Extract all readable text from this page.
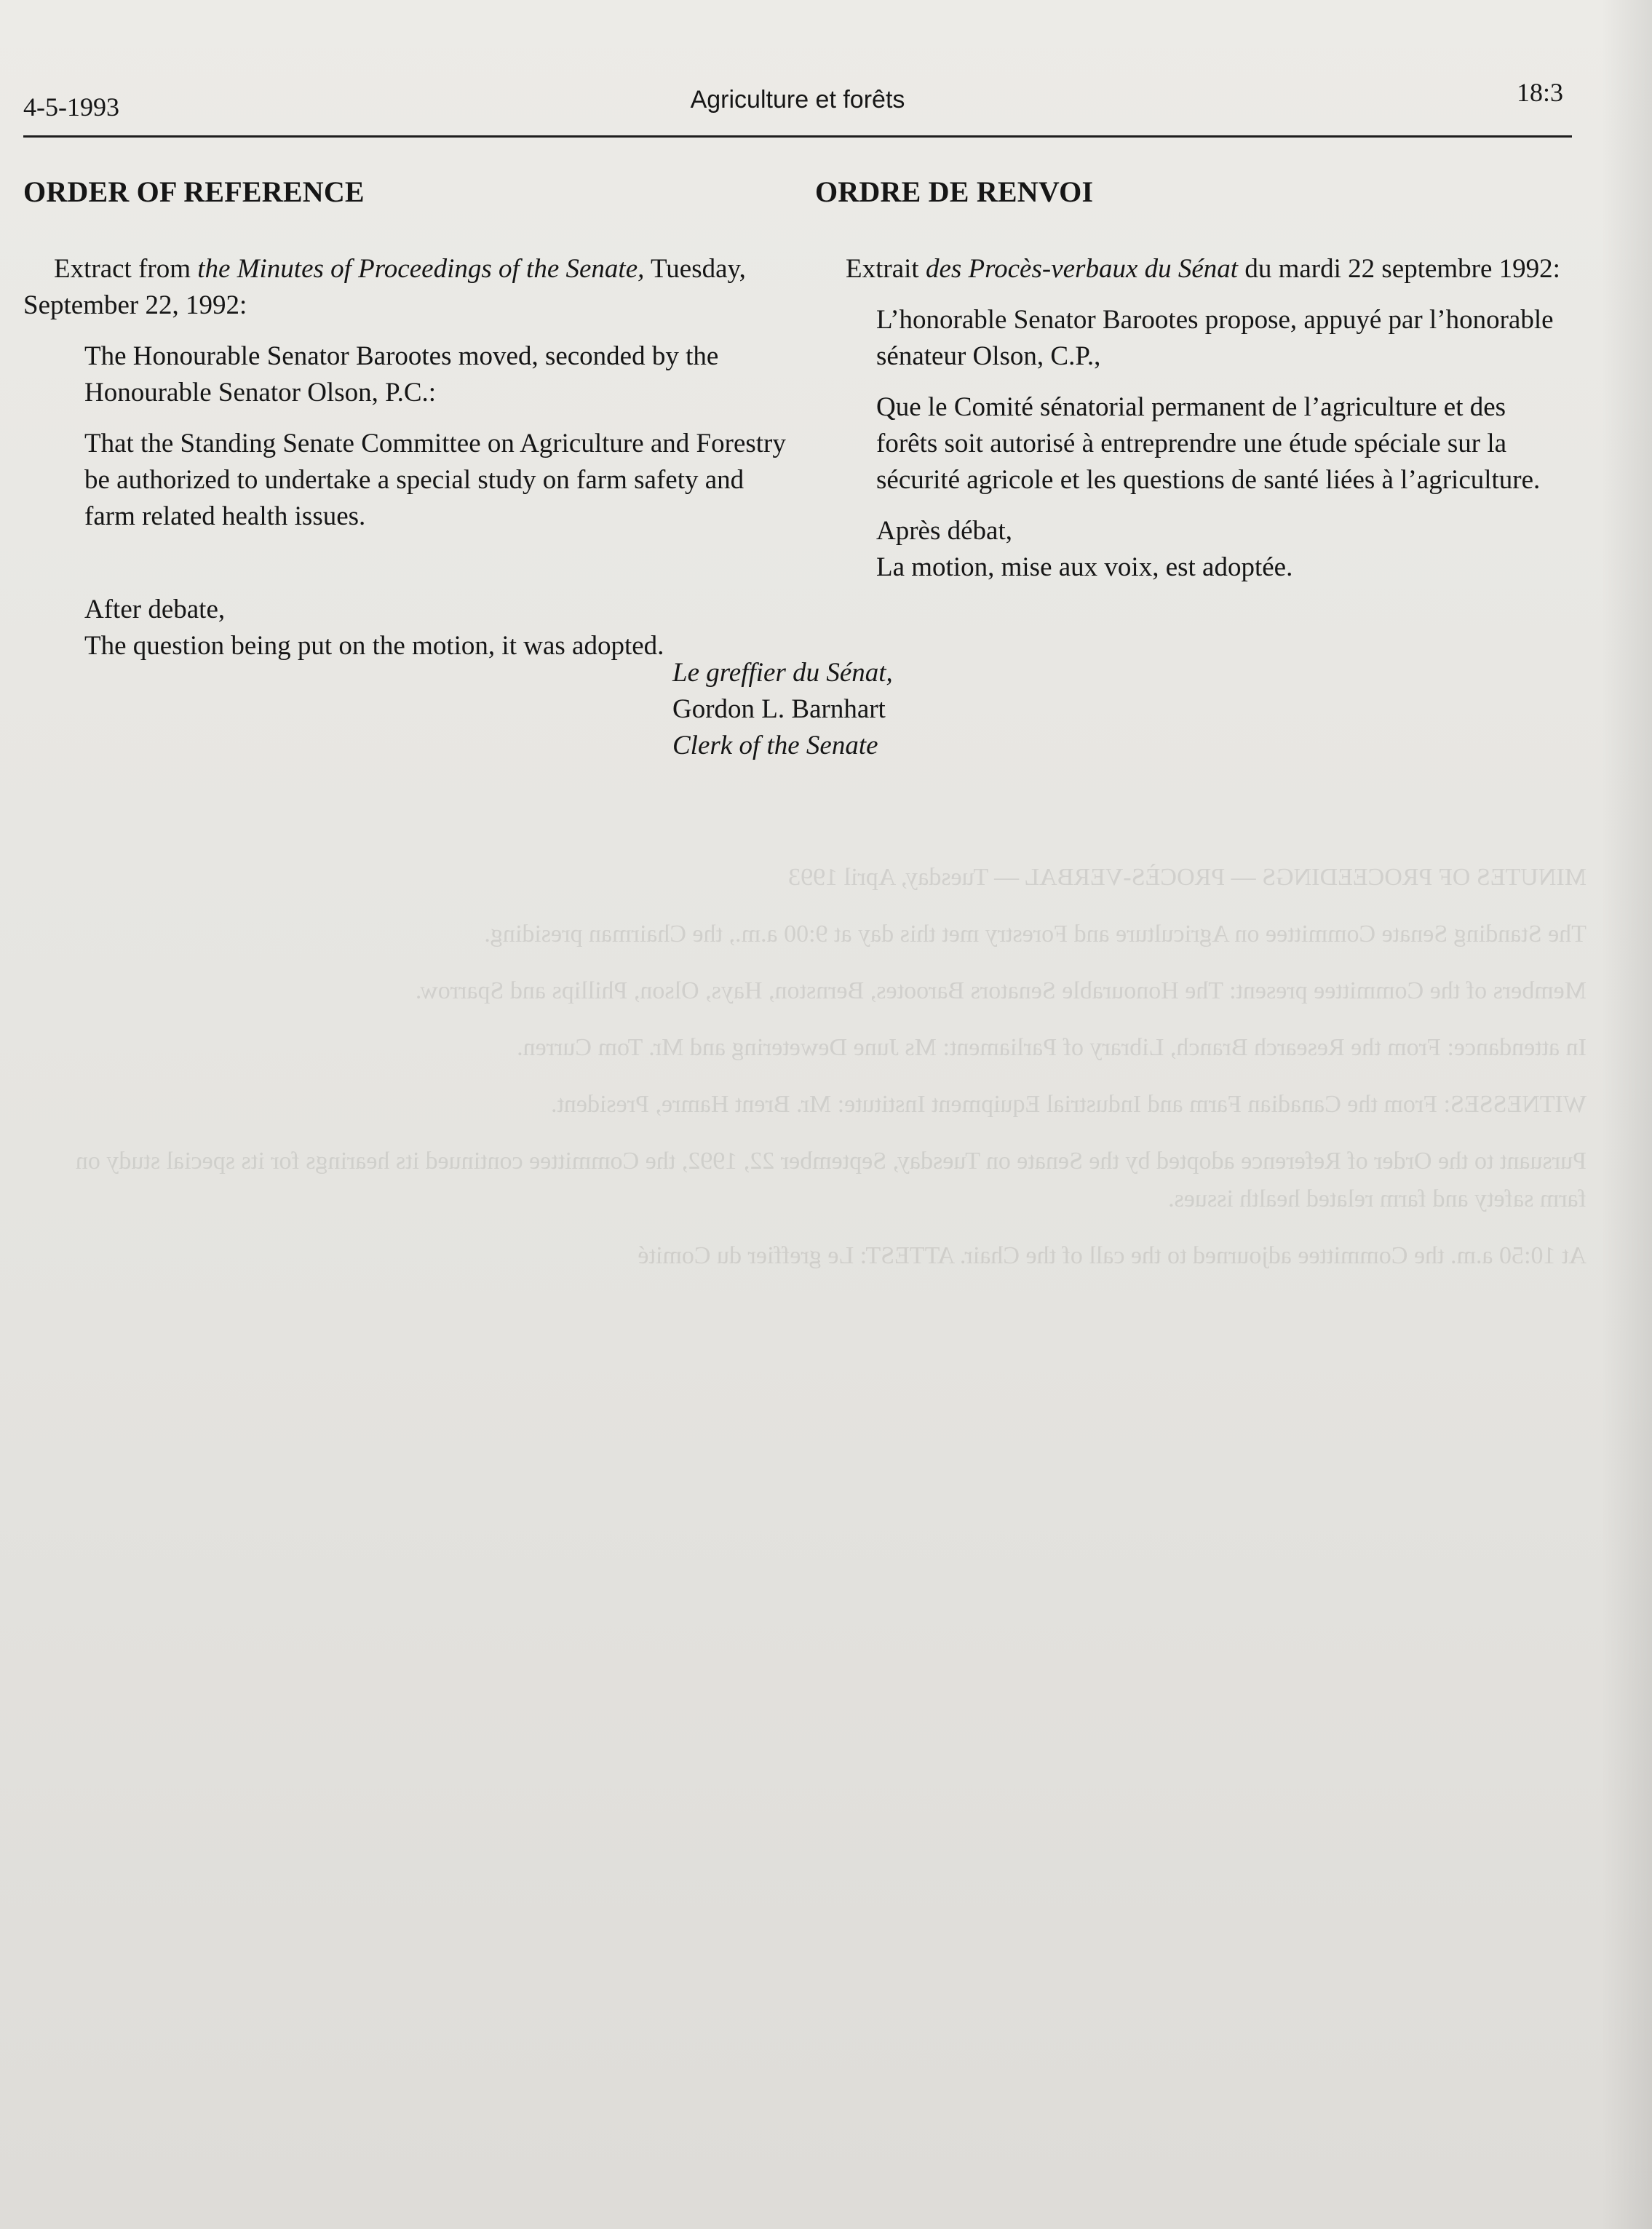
MINUTES OF PROCEEDINGS — PROCÈS-VERBAL — Tuesday, April 1993

The Standing Senate Committee on Agriculture and Forestry met this day at 9:00 a.m., the Chairman presiding.

Members of the Committee present: The Honourable Senators Barootes, Bernston, Hays, Olson, Phillips and Sparrow.

In attendance: From the Research Branch, Library of Parliament: Ms June Dewetering and Mr. Tom Curren.

WITNESSES: From the Canadian Farm and Industrial Equipment Institute: Mr. Brent Hamre, President.

Pursuant to the Order of Reference adopted by the Senate on Tuesday, September 22, 1992, the Committee continued its hearings for its special study on farm safety and farm related health issues.

At 10:50 a.m. the Committee adjourned to the call of the Chair. ATTEST: Le greffier du Comité

4-5-1993	Agriculture et forêts	18:3
ORDER OF REFERENCE

Extract from the Minutes of Proceedings of the Senate, Tuesday, September 22, 1992:

The Honourable Senator Barootes moved, seconded by the Honourable Senator Olson, P.C.:

That the Standing Senate Committee on Agriculture and Forestry be authorized to undertake a special study on farm safety and farm related health issues.

After debate,

The question being put on the motion, it was adopted.

ORDRE DE RENVOI

Extrait des Procès-verbaux du Sénat du mardi 22 septembre 1992:

L’honorable Senator Barootes propose, appuyé par l’honorable sénateur Olson, C.P.,

Que le Comité sénatorial permanent de l’agriculture et des forêts soit autorisé à entreprendre une étude spéciale sur la sécurité agricole et les questions de santé liées à l’agriculture.

Après débat,

La motion, mise aux voix, est adoptée.

Le greffier du Sénat,
Gordon L. Barnhart
Clerk of the Senate
